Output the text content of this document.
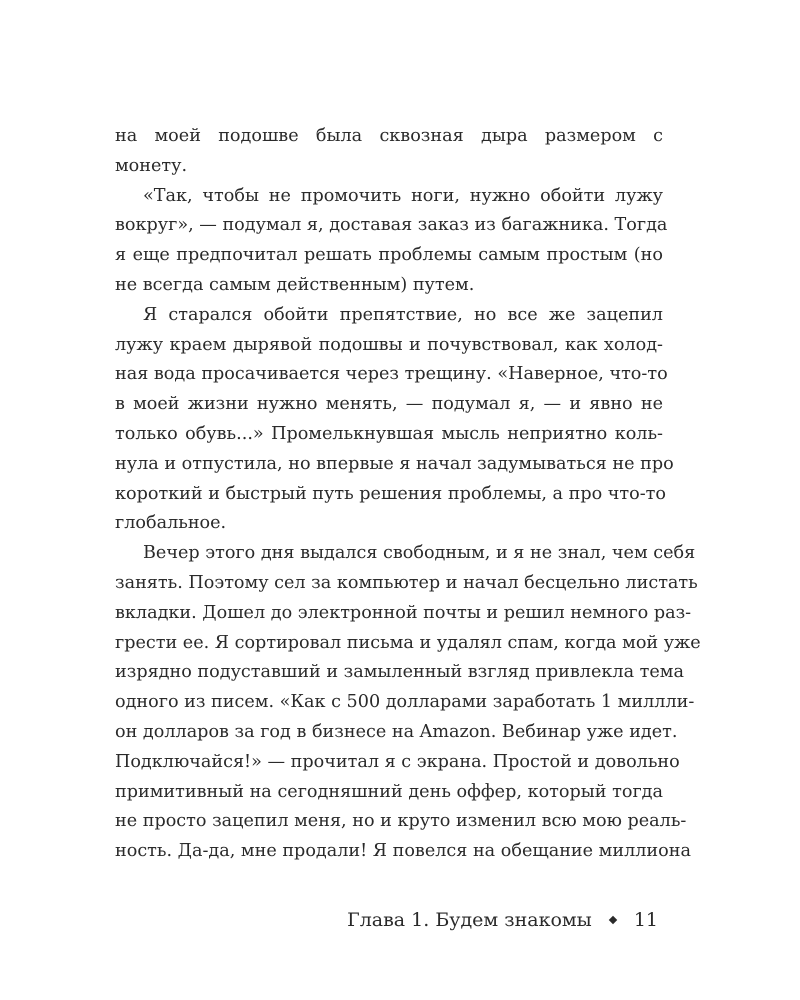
на моей подошве была сквозная дыра размером с
монету.

«Так, чтобы не промочить ноги, нужно обойти лужу
вокруг», — подумал я, доставая заказ из багажника. Тогда
я еще предпочитал решать проблемы самым простым (но
не всегда самым действенным) путем.

Я старался обойти препятствие, но все же зацепил
лужу краем дырявой подошвы и почувствовал, как холод-
ная вода просачивается через трещину. «Наверное, что-то
в моей жизни нужно менять, — подумал я, — и явно не
только обувь...» Промелькнувшая мысль неприятно коль-
нула и отпустила, но впервые я начал задумываться не про
короткий и быстрый путь решения проблемы, а про что-то
глобальное.

Вечер этого дня выдался свободным, и я не знал, чем себя
занять. Поэтому сел за компьютер и начал бесцельно листать
вкладки. Дошел до электронной почты и решил немного раз-
грести ее. Я сортировал письма и удалял спам, когда мой уже
изрядно подуставший и замыленный взгляд привлекла тема
одного из писем. «Как с 500 долларами заработать 1 миллли-
он долларов за год в бизнесе на Amazon. Вебинар уже идет.
Подключайся!» — прочитал я с экрана. Простой и довольно
примитивный на сегодняшний день оффер, который тогда
не просто зацепил меня, но и круто изменил всю мою реаль-
ность. Да-да, мне продали! Я повелся на обещание миллиона

Глава 1. Будем знакомы 11
